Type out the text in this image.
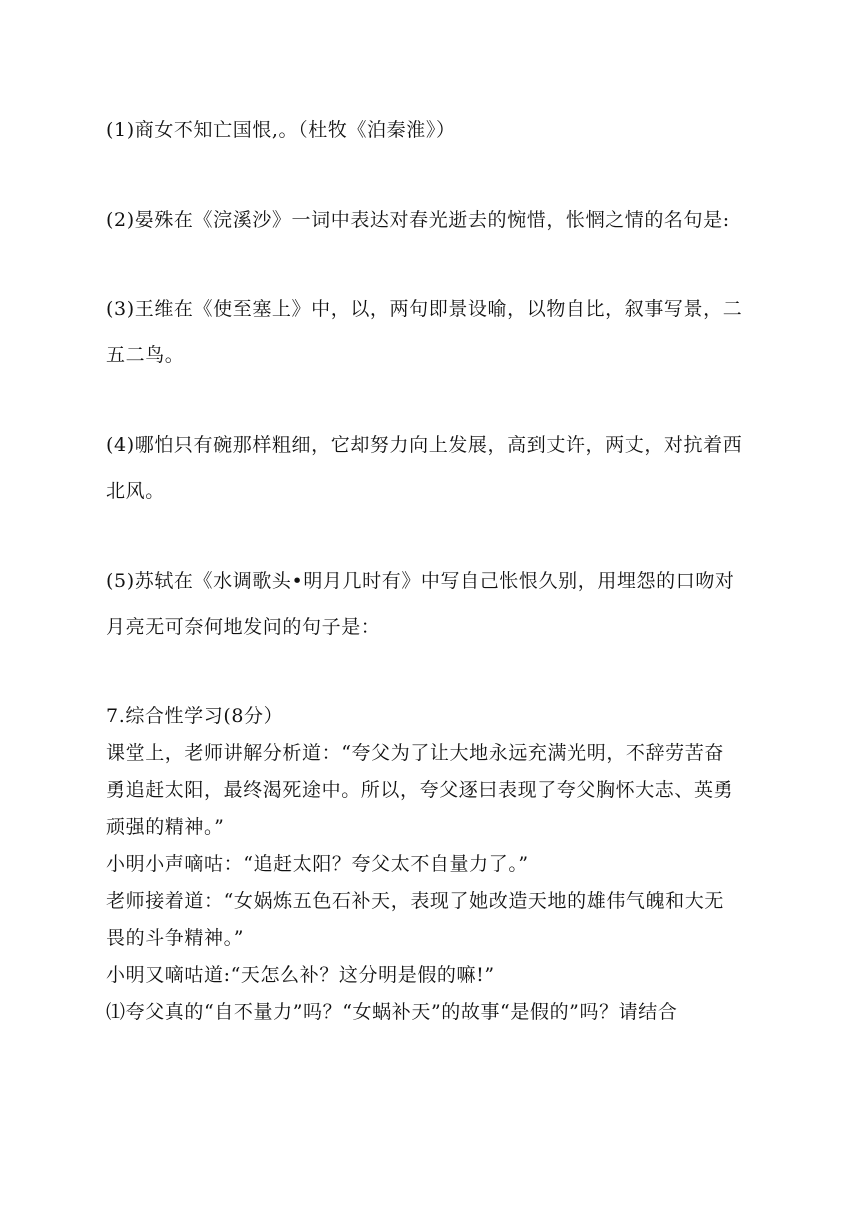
(1)商女不知亡国恨,。（杜牧《泊秦淮》）
(2)晏殊在《浣溪沙》一词中表达对春光逝去的惋惜，怅惘之情的名句是:
(3)王维在《使至塞上》中，以，两句即景设喻，以物自比，叙事写景，二
五二鸟。
(4)哪怕只有碗那样粗细，它却努力向上发展，高到丈许，两丈，对抗着西
北风。
(5)苏轼在《水调歌头•明月几时有》中写自己怅恨久别，用埋怨的口吻对
月亮无可奈何地发问的句子是：
7.综合性学习(8分）
课堂上，老师讲解分析道：“夸父为了让大地永远充满光明，不辞劳苦奋
勇追赶太阳，最终渴死途中。所以，夸父逐曰表现了夸父胸怀大志、英勇
顽强的精神。”
小明小声嘀咕：“追赶太阳？夸父太不自量力了。”
老师接着道：“女娲炼五色石补天，表现了她改造天地的雄伟气魄和大无
畏的斗争精神。”
小明又嘀咕道:“天怎么补？这分明是假的嘛!”
⑴夸父真的“自不量力”吗？“女蜗补天”的故事“是假的”吗？请结合
